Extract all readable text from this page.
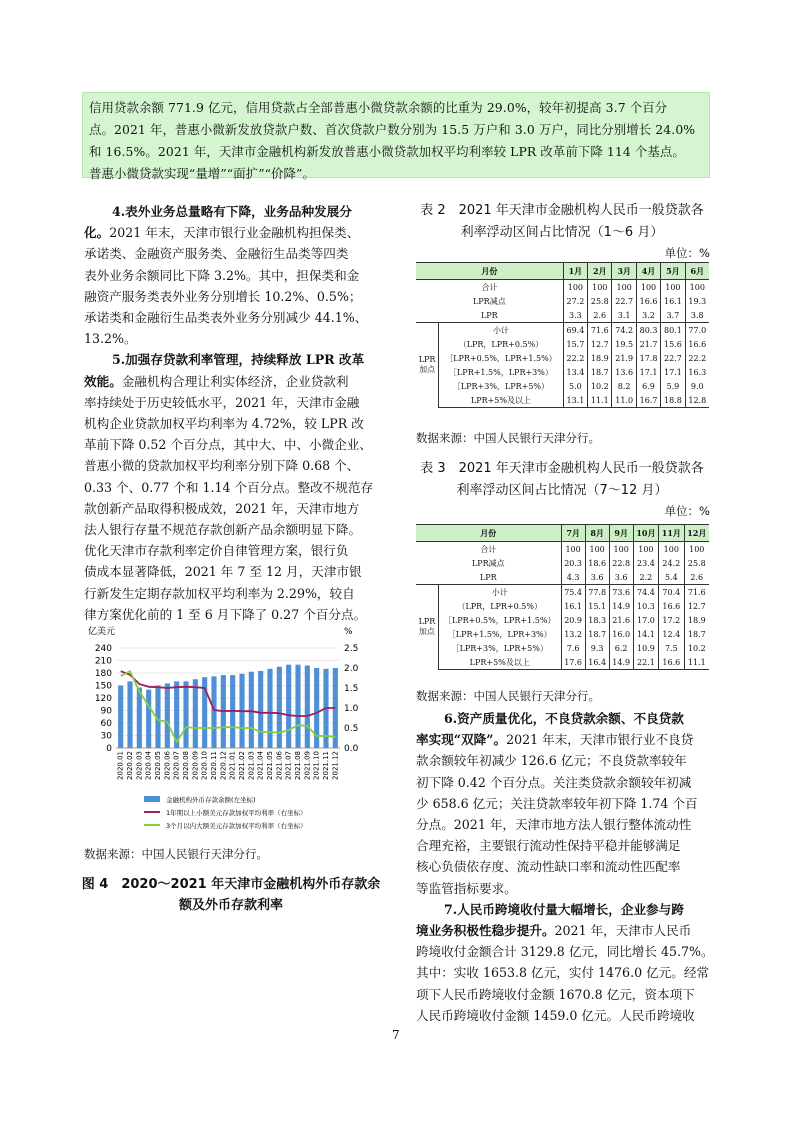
信用贷款余额 771.9 亿元，信用贷款占全部普惠小微贷款余额的比重为 29.0%，较年初提高 3.7 个百分

点。2021 年，普惠小微新发放贷款户数、首次贷款户数分别为 15.5 万户和 3.0 万户，同比分别增长 24.0%

和 16.5%。2021 年，天津市金融机构新发放普惠小微贷款加权平均利率较 LPR 改革前下降 114 个基点。

普惠小微贷款实现“量增”“面扩”“价降”。

4.表外业务总量略有下降，业务品种发展分

化。2021 年末，天津市银行业金融机构担保类、

承诺类、金融资产服务类、金融衍生品类等四类

表外业务余额同比下降 3.2%。其中，担保类和金

融资产服务类表外业务分别增长 10.2%、0.5%；

承诺类和金融衍生品类表外业务分别减少 44.1%、

13.2%。

5.加强存贷款利率管理，持续释放 LPR 改革

效能。金融机构合理让利实体经济，企业贷款利

率持续处于历史较低水平，2021 年，天津市金融

机构企业贷款加权平均利率为 4.72%，较 LPR 改

革前下降 0.52 个百分点，其中大、中、小微企业、

普惠小微的贷款加权平均利率分别下降 0.68 个、

0.33 个、0.77 个和 1.14 个百分点。整改不规范存

款创新产品取得积极成效，2021 年，天津市地方

法人银行存量不规范存款创新产品余额明显下降。

优化天津市存款利率定价自律管理方案，银行负

债成本显著降低，2021 年 7 至 12 月，天津市银

行新发生定期存款加权平均利率为 2.29%，较自

律方案优化前的 1 至 6 月下降了 0.27 个百分点。

亿美元	%
240
210
180
150
120
90
60
30
0
2.5
2.0
1.5
1.0
0.5
0.0
2020.01 2020.02 2020.03 2020.04 2020.05 2020.06 2020.07 2020.08 2020.09 2020.10 2020.11 2020.12 2021.01 2021.02 2021.03 2021.04 2021.05 2021.06 2021.07 2021.08 2021.09 2021.10 2021.11 2021.12
金融机构外币存款余额(左坐标)
1年期以上小额美元存款加权平均利率（右坐标）
3个月以内大额美元存款加权平均利率（右坐标）
数据来源：中国人民银行天津分行。
图 4　2020～2021 年天津市金融机构外币存款余
额及外币存款利率
表 2　2021 年天津市金融机构人民币一般贷款各
利率浮动区间占比情况（1～6 月）
单位：%
月份		1月	2月	3月	4月	5月	6月
合计		100	100	100	100	100	100
LPR减点		27.2	25.8	22.7	16.6	16.1	19.3
LPR		3.3	2.6	3.1	3.2	3.7	3.8

LPR
加点	小计	69.4	71.6	74.2	80.3	80.1	77.0
	（LPR，LPR+0.5%）	15.7	12.7	19.5	21.7	15.6	16.6
	［LPR+0.5%，LPR+1.5%）	22.2	18.9	21.9	17.8	22.7	22.2
	［LPR+1.5%，LPR+3%）	13.4	18.7	13.6	17.1	17.1	16.3
	［LPR+3%，LPR+5%）	5.0	10.2	8.2	6.9	5.9	9.0
	LPR+5%及以上	13.1	11.1	11.0	16.7	18.8	12.8
数据来源：中国人民银行天津分行。
表 3　2021 年天津市金融机构人民币一般贷款各
利率浮动区间占比情况（7～12 月）
单位：%
月份		7月	8月	9月	10月	11月	12月
合计		100	100	100	100	100	100
LPR减点		20.3	18.6	22.8	23.4	24.2	25.8
LPR		4.3	3.6	3.6	2.2	5.4	2.6

LPR
加点	小计	75.4	77.8	73.6	74.4	70.4	71.6
	（LPR，LPR+0.5%）	16.1	15.1	14.9	10.3	16.6	12.7
	［LPR+0.5%，LPR+1.5%）	20.9	18.3	21.6	17.0	17.2	18.9
	［LPR+1.5%，LPR+3%）	13.2	18.7	16.0	14.1	12.4	18.7
	［LPR+3%，LPR+5%）	7.6	9.3	6.2	10.9	7.5	10.2
	LPR+5%及以上	17.6	16.4	14.9	22.1	16.6	11.1
数据来源：中国人民银行天津分行。

6.资产质量优化，不良贷款余额、不良贷款

率实现“双降”。2021 年末，天津市银行业不良贷

款余额较年初减少 126.6 亿元；不良贷款率较年

初下降 0.42 个百分点。关注类贷款余额较年初减

少 658.6 亿元；关注贷款率较年初下降 1.74 个百

分点。2021 年，天津市地方法人银行整体流动性

合理充裕，主要银行流动性保持平稳并能够满足

核心负债依存度、流动性缺口率和流动性匹配率

等监管指标要求。

7.人民币跨境收付量大幅增长，企业参与跨

境业务积极性稳步提升。2021 年，天津市人民币

跨境收付金额合计 3129.8 亿元，同比增长 45.7%。

其中：实收 1653.8 亿元，实付 1476.0 亿元。经常

项下人民币跨境收付金额 1670.8 亿元，资本项下

人民币跨境收付金额 1459.0 亿元。人民币跨境收

7
